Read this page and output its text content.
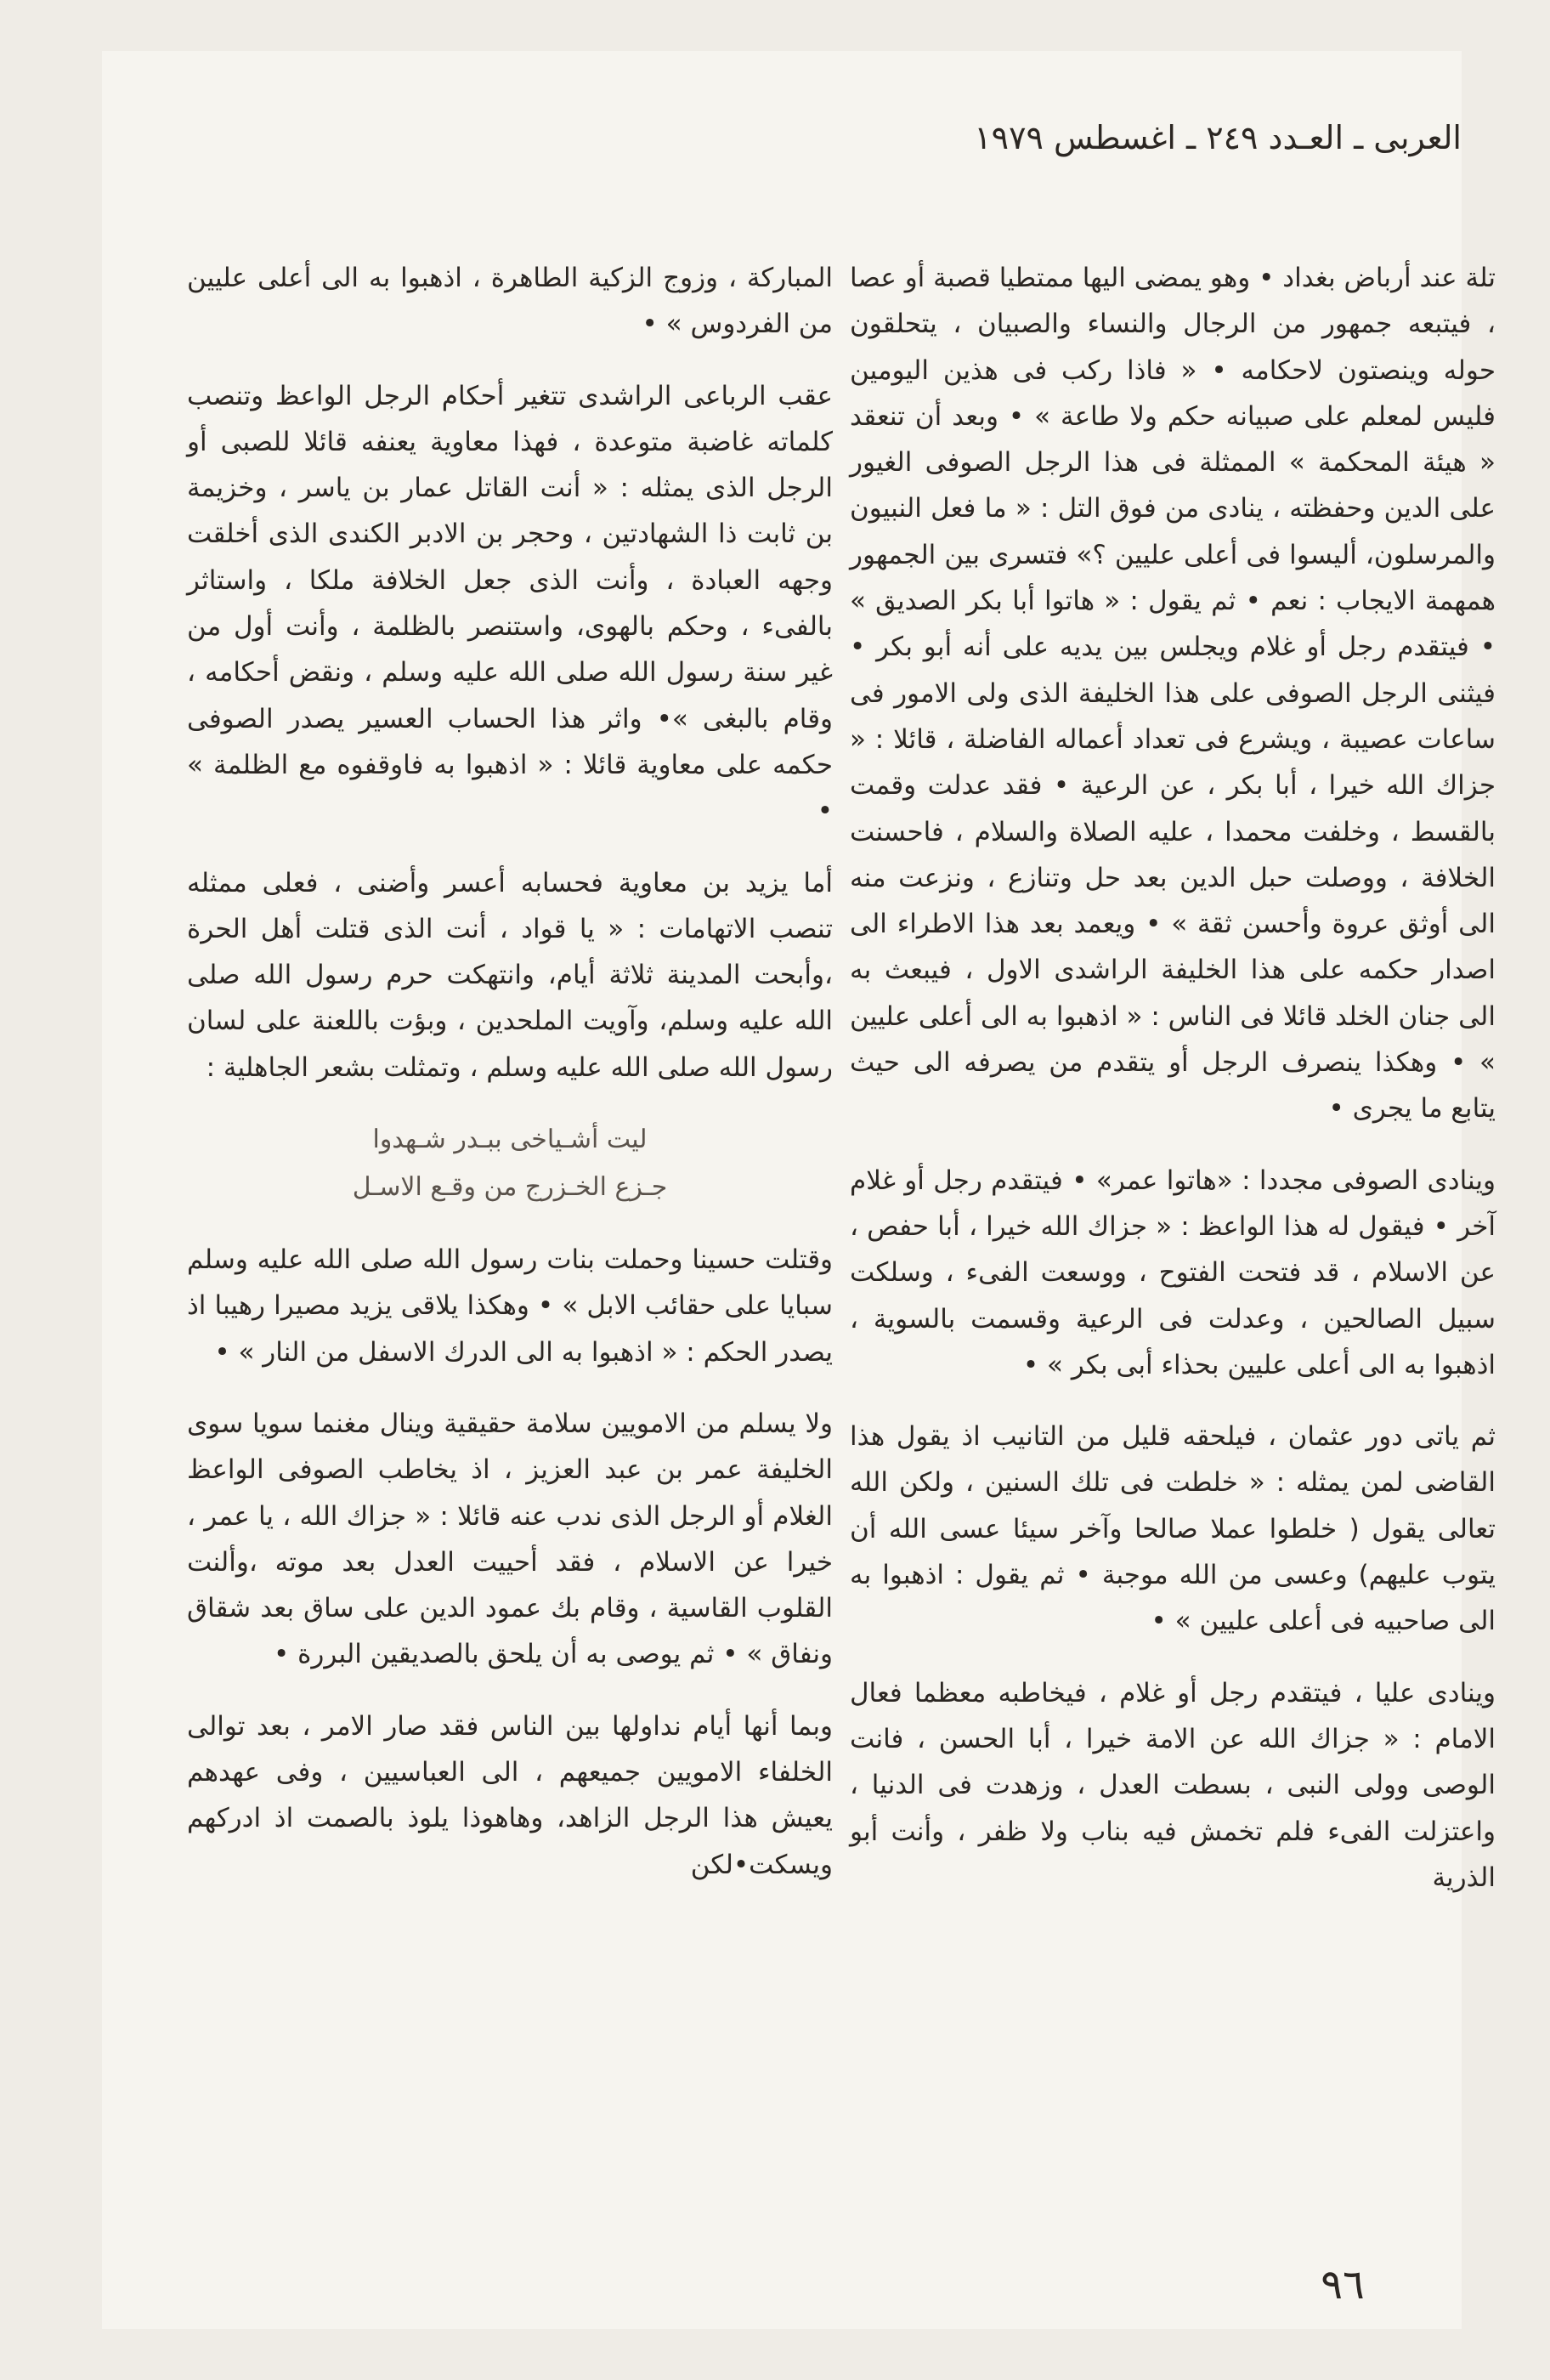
العربى ـ العـدد ٢٤٩ ـ اغسطس ١٩٧٩

تلة عند أرباض بغداد • وهو يمضى اليها ممتطيا قصبة أو عصا ، فيتبعه جمهور من الرجال والنساء والصبيان ، يتحلقون حوله وينصتون لاحكامه • « فاذا ركب فى هذين اليومين فليس لمعلم على صبيانه حكم ولا طاعة » • وبعد أن تنعقد « هيئة المحكمة » الممثلة فى هذا الرجل الصوفى الغيور على الدين وحفظته ، ينادى من فوق التل : « ما فعل النبيون والمرسلون، أليسوا فى أعلى عليين ؟» فتسرى بين الجمهور همهمة الايجاب : نعم • ثم يقول : « هاتوا أبا بكر الصديق » • فيتقدم رجل أو غلام ويجلس بين يديه على أنه أبو بكر • فيثنى الرجل الصوفى على هذا الخليفة الذى ولى الامور فى ساعات عصيبة ، ويشرع فى تعداد أعماله الفاضلة ، قائلا : « جزاك الله خيرا ، أبا بكر ، عن الرعية • فقد عدلت وقمت بالقسط ، وخلفت محمدا ، عليه الصلاة والسلام ، فاحسنت الخلافة ، ووصلت حبل الدين بعد حل وتنازع ، ونزعت منه الى أوثق عروة وأحسن ثقة » • ويعمد بعد هذا الاطراء الى اصدار حكمه على هذا الخليفة الراشدى الاول ، فيبعث به الى جنان الخلد قائلا فى الناس : « اذهبوا به الى أعلى عليين » • وهكذا ينصرف الرجل أو يتقدم من يصرفه الى حيث يتابع ما يجرى •

وينادى الصوفى مجددا : «هاتوا عمر» • فيتقدم رجل أو غلام آخر • فيقول له هذا الواعظ : « جزاك الله خيرا ، أبا حفص ، عن الاسلام ، قد فتحت الفتوح ، ووسعت الفىء ، وسلكت سبيل الصالحين ، وعدلت فى الرعية وقسمت بالسوية ، اذهبوا به الى أعلى عليين بحذاء أبى بكر » •

ثم ياتى دور عثمان ، فيلحقه قليل من التانيب اذ يقول هذا القاضى لمن يمثله : « خلطت فى تلك السنين ، ولكن الله تعالى يقول ( خلطوا عملا صالحا وآخر سيئا عسى الله أن يتوب عليهم) وعسى من الله موجبة • ثم يقول : اذهبوا به الى صاحبيه فى أعلى عليين » •

وينادى عليا ، فيتقدم رجل أو غلام ، فيخاطبه معظما فعال الامام : « جزاك الله عن الامة خيرا ، أبا الحسن ، فانت الوصى وولى النبى ، بسطت العدل ، وزهدت فى الدنيا ، واعتزلت الفىء فلم تخمش فيه بناب ولا ظفر ، وأنت أبو الذرية

المباركة ، وزوج الزكية الطاهرة ، اذهبوا به الى أعلى عليين من الفردوس » •

عقب الرباعى الراشدى تتغير أحكام الرجل الواعظ وتنصب كلماته غاضبة متوعدة ، فهذا معاوية يعنفه قائلا للصبى أو الرجل الذى يمثله : « أنت القاتل عمار بن ياسر ، وخزيمة بن ثابت ذا الشهادتين ، وحجر بن الادبر الكندى الذى أخلقت وجهه العبادة ، وأنت الذى جعل الخلافة ملكا ، واستاثر بالفىء ، وحكم بالهوى، واستنصر بالظلمة ، وأنت أول من غير سنة رسول الله صلى الله عليه وسلم ، ونقض أحكامه ، وقام بالبغى »• واثر هذا الحساب العسير يصدر الصوفى حكمه على معاوية قائلا : « اذهبوا به فاوقفوه مع الظلمة » •

أما يزيد بن معاوية فحسابه أعسر وأضنى ، فعلى ممثله تنصب الاتهامات : « يا قواد ، أنت الذى قتلت أهل الحرة ،وأبحت المدينة ثلاثة أيام، وانتهكت حرم رسول الله صلى الله عليه وسلم، وآويت الملحدين ، وبؤت باللعنة على لسان رسول الله صلى الله عليه وسلم ، وتمثلت بشعر الجاهلية :

ليت أشـياخى ببـدر شـهدوا
جـزع الخـزرج من وقـع الاسـل

وقتلت حسينا وحملت بنات رسول الله صلى الله عليه وسلم سبايا على حقائب الابل » • وهكذا يلاقى يزيد مصيرا رهيبا اذ يصدر الحكم : « اذهبوا به الى الدرك الاسفل من النار » •

ولا يسلم من الامويين سلامة حقيقية وينال مغنما سويا سوى الخليفة عمر بن عبد العزيز ، اذ يخاطب الصوفى الواعظ الغلام أو الرجل الذى ندب عنه قائلا : « جزاك الله ، يا عمر ، خيرا عن الاسلام ، فقد أحييت العدل بعد موته ،وألنت القلوب القاسية ، وقام بك عمود الدين على ساق بعد شقاق ونفاق » • ثم يوصى به أن يلحق بالصديقين البررة •

وبما أنها أيام نداولها بين الناس فقد صار الامر ، بعد توالى الخلفاء الامويين جميعهم ، الى العباسيين ، وفى عهدهم يعيش هذا الرجل الزاهد، وهاهوذا يلوذ بالصمت اذ ادركهم ويسكت•لكن

٩٦
